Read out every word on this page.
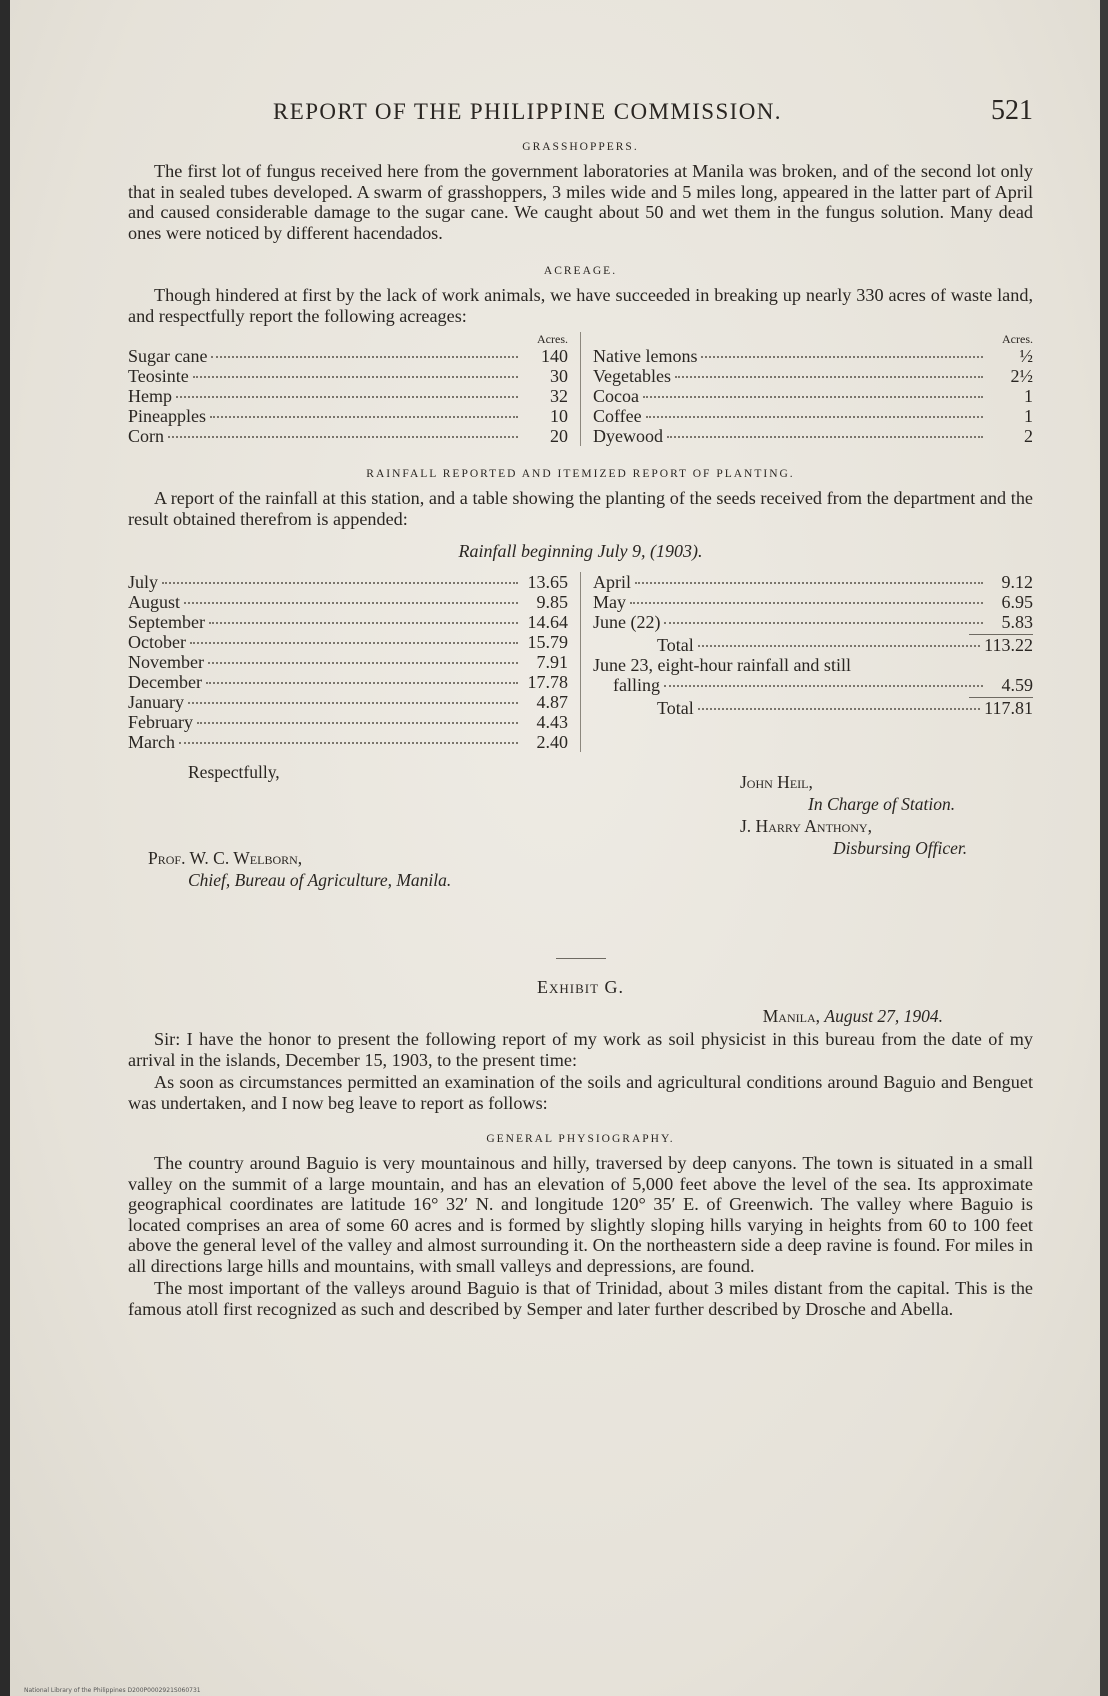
REPORT OF THE PHILIPPINE COMMISSION.	521
GRASSHOPPERS.

The first lot of fungus received here from the government laboratories at Manila was broken, and of the second lot only that in sealed tubes developed. A swarm of grasshoppers, 3 miles wide and 5 miles long, appeared in the latter part of April and caused considerable damage to the sugar cane. We caught about 50 and wet them in the fungus solution. Many dead ones were noticed by different hacendados.

ACREAGE.

Though hindered at first by the lack of work animals, we have succeeded in breaking up nearly 330 acres of waste land, and respectfully report the following acreages:

Acres.
Sugar cane	140
Teosinte	30
Hemp	32
Pineapples	10
Corn	20
Acres.
Native lemons	½
Vegetables	2½
Cocoa	1
Coffee	1
Dyewood	2
RAINFALL REPORTED AND ITEMIZED REPORT OF PLANTING.

A report of the rainfall at this station, and a table showing the planting of the seeds received from the department and the result obtained therefrom is appended:

Rainfall beginning July 9, (1903).
July	13.65
August	9.85
September	14.64
October	15.79
November	7.91
December	17.78
January	4.87
February	4.43
March	2.40
April	9.12
May	6.95
June (22)	5.83
Total	113.22
June 23, eight-hour rainfall and still
falling	4.59
Total	117.81
Respectfully,	John Heil,
In Charge of Station.
J. Harry Anthony,
Disbursing Officer.
Prof. W. C. Welborn,
Chief, Bureau of Agriculture, Manila.
Exhibit G.
Manila, August 27, 1904.

Sir: I have the honor to present the following report of my work as soil physicist in this bureau from the date of my arrival in the islands, December 15, 1903, to the present time:

As soon as circumstances permitted an examination of the soils and agricultural conditions around Baguio and Benguet was undertaken, and I now beg leave to report as follows:

GENERAL PHYSIOGRAPHY.

The country around Baguio is very mountainous and hilly, traversed by deep canyons. The town is situated in a small valley on the summit of a large mountain, and has an elevation of 5,000 feet above the level of the sea. Its approximate geographical coordinates are latitude 16° 32′ N. and longitude 120° 35′ E. of Greenwich. The valley where Baguio is located comprises an area of some 60 acres and is formed by slightly sloping hills varying in heights from 60 to 100 feet above the general level of the valley and almost surrounding it. On the northeastern side a deep ravine is found. For miles in all directions large hills and mountains, with small valleys and depressions, are found.

The most important of the valleys around Baguio is that of Trinidad, about 3 miles distant from the capital. This is the famous atoll first recognized as such and described by Semper and later further described by Drosche and Abella.

National Library of the Philippines D200P0002921S060731
